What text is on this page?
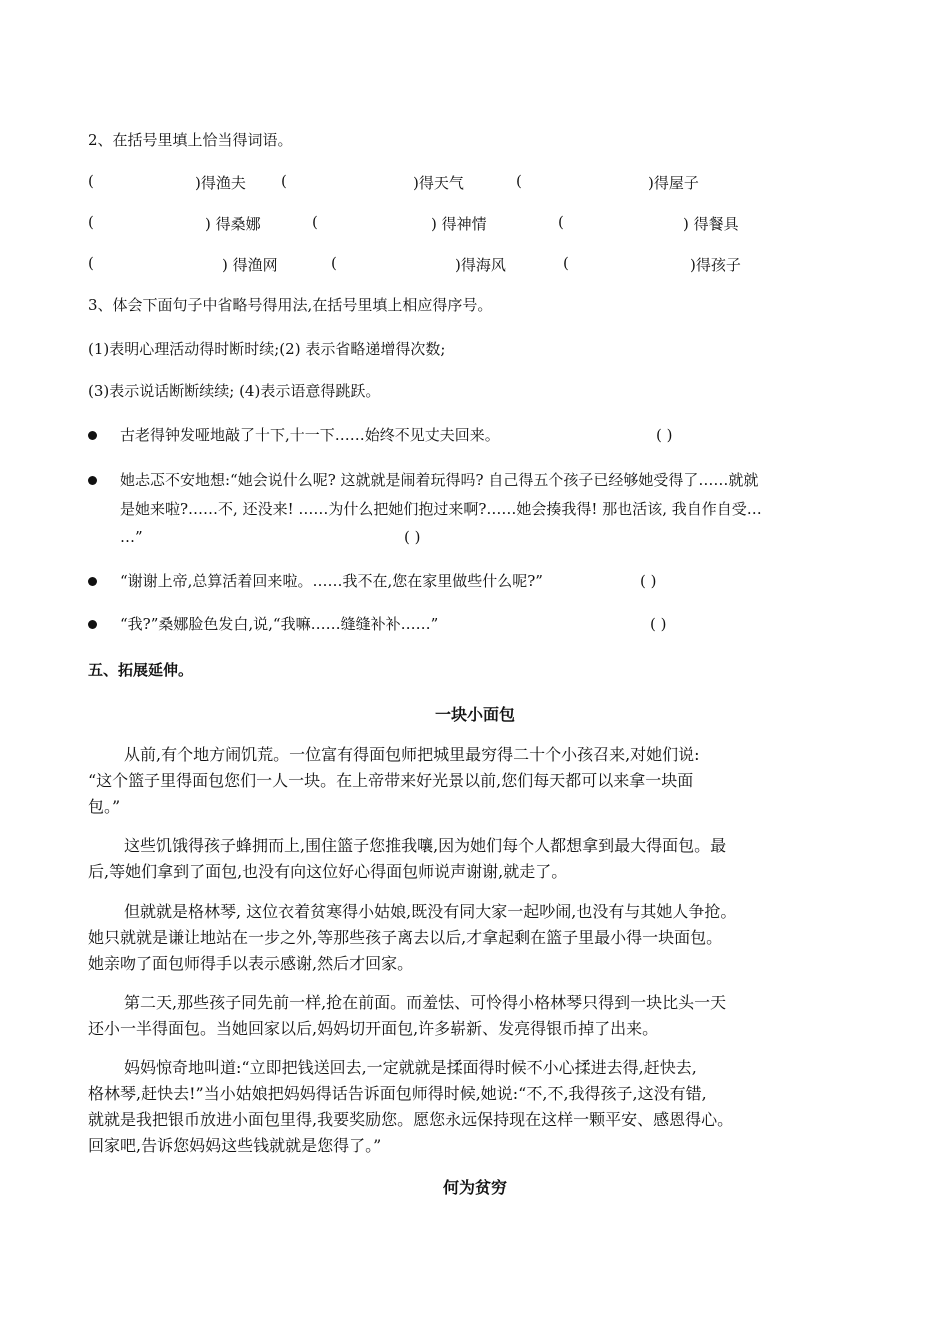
2、在括号里填上恰当得词语。
(	)得渔夫 (	)得天气	(	)得屋子
(	) 得桑娜	(	) 得神情	(	) 得餐具
(	) 得渔网	(	)得海风	(	)得孩子
3、体会下面句子中省略号得用法,在括号里填上相应得序号。
(1)表明心理活动得时断时续;(2) 表示省略递增得次数;
(3)表示说话断断续续; (4)表示语意得跳跃。
古老得钟发哑地敲了十下,十一下……始终不见丈夫回来。	( )
她忐忑不安地想:“她会说什么呢? 这就就是闹着玩得吗? 自己得五个孩子已经够她受得了……就就
是她来啦?……不, 还没来! ……为什么把她们抱过来啊?……她会揍我得! 那也活该, 我自作自受…
…”	( )
“谢谢上帝,总算活着回来啦。……我不在,您在家里做些什么呢?”	( )
“我?”桑娜脸色发白,说,“我嘛……缝缝补补……”	( )
五、拓展延伸。
一块小面包
从前,有个地方闹饥荒。一位富有得面包师把城里最穷得二十个小孩召来,对她们说:
“这个篮子里得面包您们一人一块。在上帝带来好光景以前,您们每天都可以来拿一块面
包。”
这些饥饿得孩子蜂拥而上,围住篮子您推我嚷,因为她们每个人都想拿到最大得面包。最
后,等她们拿到了面包,也没有向这位好心得面包师说声谢谢,就走了。
但就就是格林琴, 这位衣着贫寒得小姑娘,既没有同大家一起吵闹,也没有与其她人争抢。
她只就就是谦让地站在一步之外,等那些孩子离去以后,才拿起剩在篮子里最小得一块面包。
她亲吻了面包师得手以表示感谢,然后才回家。
第二天,那些孩子同先前一样,抢在前面。而羞怯、可怜得小格林琴只得到一块比头一天
还小一半得面包。当她回家以后,妈妈切开面包,许多崭新、发亮得银币掉了出来。
妈妈惊奇地叫道:“立即把钱送回去,一定就就是揉面得时候不小心揉进去得,赶快去,
格林琴,赶快去!”当小姑娘把妈妈得话告诉面包师得时候,她说:“不,不,我得孩子,这没有错,
就就是我把银币放进小面包里得,我要奖励您。愿您永远保持现在这样一颗平安、感恩得心。
回家吧,告诉您妈妈这些钱就就是您得了。”
何为贫穷
